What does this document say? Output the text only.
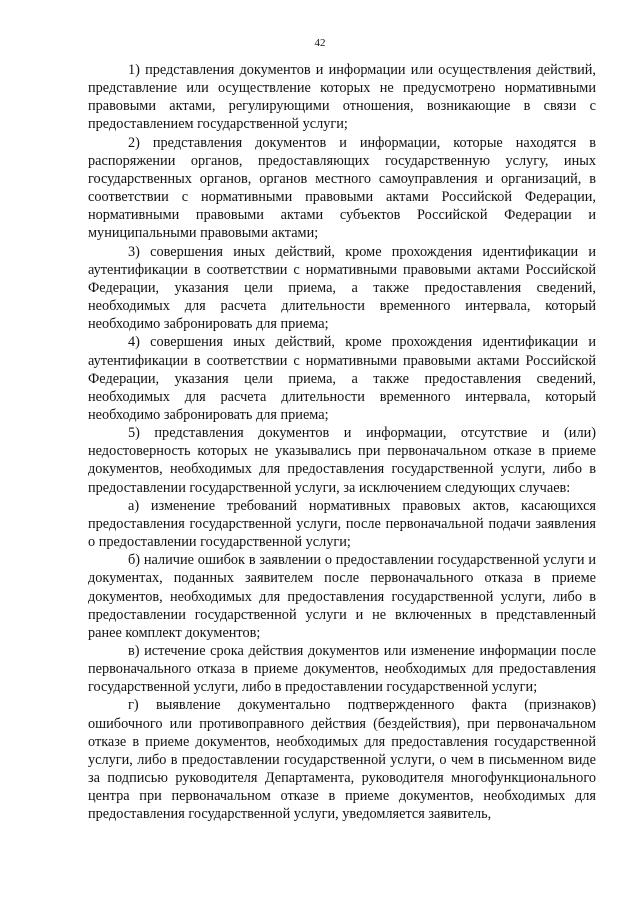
42

1) представления документов и информации или осуществления действий, представление или осуществление которых не предусмотрено нормативными правовыми актами, регулирующими отношения, возникающие в связи с предоставлением государственной услуги;

2) представления документов и информации, которые находятся в распоряжении органов, предоставляющих государственную услугу, иных государственных органов, органов местного самоуправления и организаций, в соответствии с нормативными правовыми актами Российской Федерации, нормативными правовыми актами субъектов Российской Федерации и муниципальными правовыми актами;

3) совершения иных действий, кроме прохождения идентификации и аутентификации в соответствии с нормативными правовыми актами Российской Федерации, указания цели приема, а также предоставления сведений, необходимых для расчета длительности временного интервала, который необходимо забронировать для приема;

4) совершения иных действий, кроме прохождения идентификации и аутентификации в соответствии с нормативными правовыми актами Российской Федерации, указания цели приема, а также предоставления сведений, необходимых для расчета длительности временного интервала, который необходимо забронировать для приема;

5) представления документов и информации, отсутствие и (или) недостоверность которых не указывались при первоначальном отказе в приеме документов, необходимых для предоставления государственной услуги, либо в предоставлении государственной услуги, за исключением следующих случаев:

а) изменение требований нормативных правовых актов, касающихся предоставления государственной услуги, после первоначальной подачи заявления о предоставлении государственной услуги;

б) наличие ошибок в заявлении о предоставлении государственной услуги и документах, поданных заявителем после первоначального отказа в приеме документов, необходимых для предоставления государственной услуги, либо в предоставлении государственной услуги и не включенных в представленный ранее комплект документов;

в) истечение срока действия документов или изменение информации после первоначального отказа в приеме документов, необходимых для предоставления государственной услуги, либо в предоставлении государственной услуги;

г) выявление документально подтвержденного факта (признаков) ошибочного или противоправного действия (бездействия), при первоначальном отказе в приеме документов, необходимых для предоставления государственной услуги, либо в предоставлении государственной услуги, о чем в письменном виде за подписью руководителя Департамента, руководителя многофункционального центра при первоначальном отказе в приеме документов, необходимых для предоставления государственной услуги, уведомляется заявитель,
